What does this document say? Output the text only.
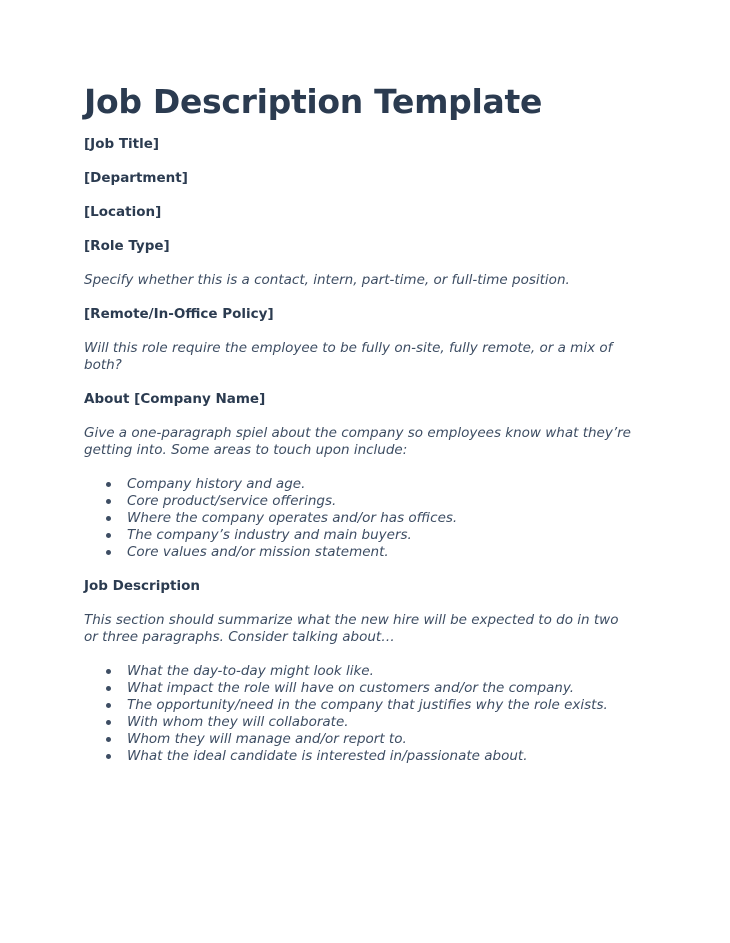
Job Description Template

[Job Title]

[Department]

[Location]

[Role Type]

Specify whether this is a contact, intern, part-time, or full-time position.

[Remote/In-Office Policy]

Will this role require the employee to be fully on-site, fully remote, or a mix of

both?

About [Company Name]

Give a one-paragraph spiel about the company so employees know what they’re

getting into. Some areas to touch upon include:

Company history and age.
Core product/service offerings.
Where the company operates and/or has offices.
The company’s industry and main buyers.
Core values and/or mission statement.

Job Description

This section should summarize what the new hire will be expected to do in two

or three paragraphs. Consider talking about…

What the day-to-day might look like.
What impact the role will have on customers and/or the company.
The opportunity/need in the company that justifies why the role exists.
With whom they will collaborate.
Whom they will manage and/or report to.
What the ideal candidate is interested in/passionate about.
